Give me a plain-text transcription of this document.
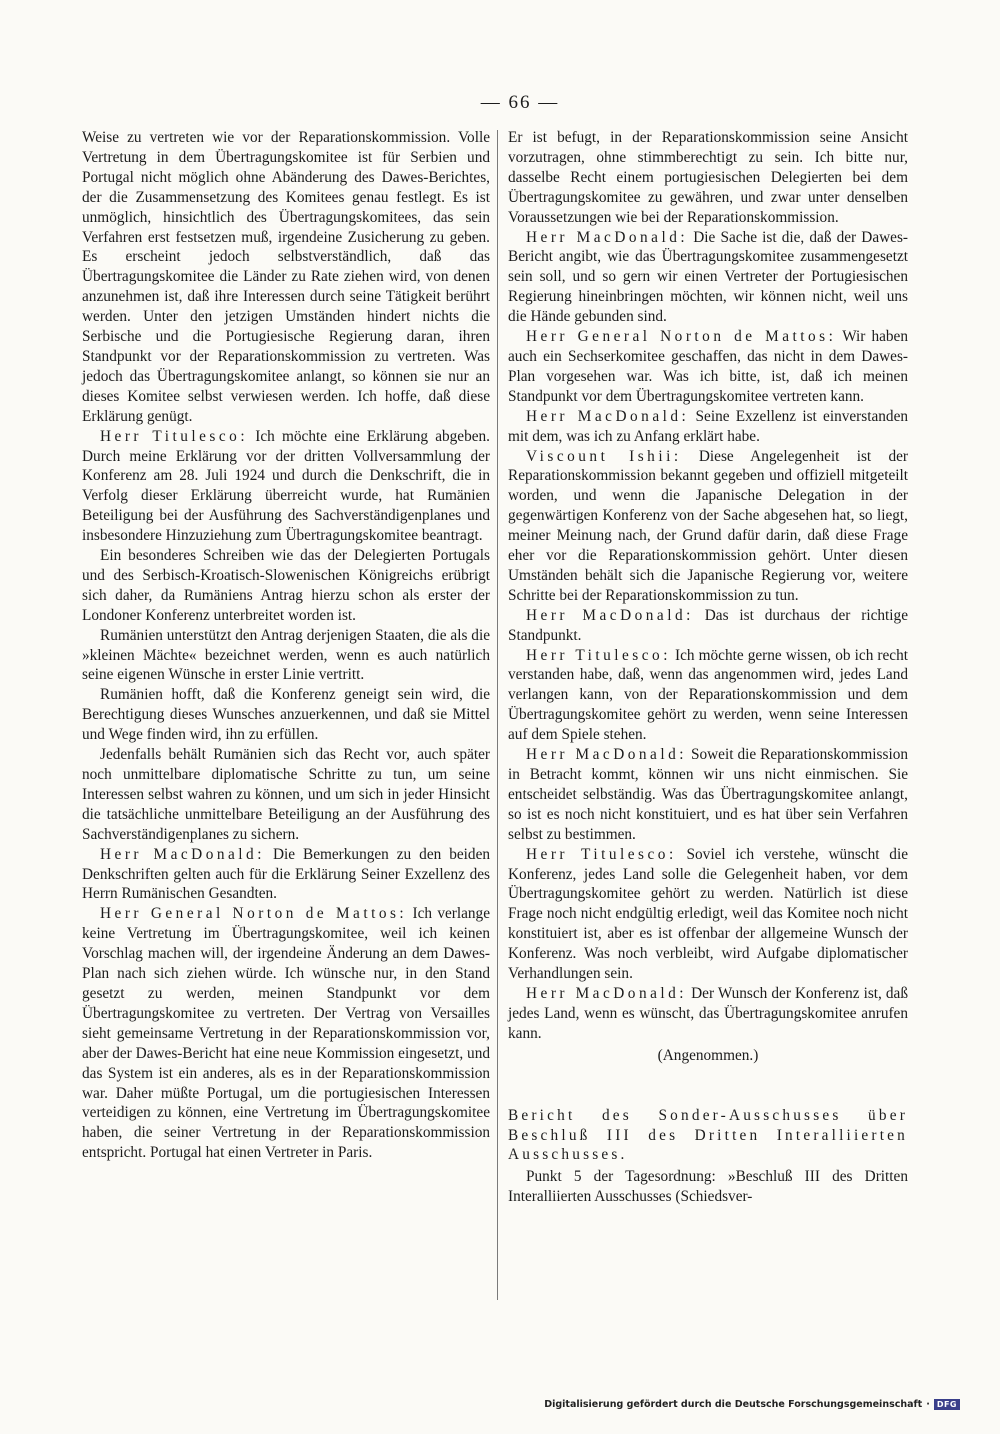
— 66 —

Weise zu vertreten wie vor der Reparationskommission. Volle Vertretung in dem Übertragungskomitee ist für Serbien und Portugal nicht möglich ohne Abänderung des Dawes-Berichtes, der die Zusammensetzung des Komitees genau festlegt. Es ist unmöglich, hinsichtlich des Übertragungskomitees, das sein Verfahren erst festsetzen muß, irgendeine Zusicherung zu geben. Es erscheint jedoch selbstverständlich, daß das Übertragungskomitee die Länder zu Rate ziehen wird, von denen anzunehmen ist, daß ihre Interessen durch seine Tätigkeit berührt werden. Unter den jetzigen Umständen hindert nichts die Serbische und die Portugiesische Regierung daran, ihren Standpunkt vor der Reparationskommission zu vertreten. Was jedoch das Übertragungskomitee anlangt, so können sie nur an dieses Komitee selbst verwiesen werden. Ich hoffe, daß diese Erklärung genügt.

Herr Titulesco: Ich möchte eine Erklärung abgeben. Durch meine Erklärung vor der dritten Vollversammlung der Konferenz am 28. Juli 1924 und durch die Denkschrift, die in Verfolg dieser Erklärung überreicht wurde, hat Rumänien Beteiligung bei der Ausführung des Sachverständigenplanes und insbesondere Hinzuziehung zum Übertragungskomitee beantragt.

Ein besonderes Schreiben wie das der Delegierten Portugals und des Serbisch-Kroatisch-Slowenischen Königreichs erübrigt sich daher, da Rumäniens Antrag hierzu schon als erster der Londoner Konferenz unterbreitet worden ist.

Rumänien unterstützt den Antrag derjenigen Staaten, die als die »kleinen Mächte« bezeichnet werden, wenn es auch natürlich seine eigenen Wünsche in erster Linie vertritt.

Rumänien hofft, daß die Konferenz geneigt sein wird, die Berechtigung dieses Wunsches anzuerkennen, und daß sie Mittel und Wege finden wird, ihn zu erfüllen.

Jedenfalls behält Rumänien sich das Recht vor, auch später noch unmittelbare diplomatische Schritte zu tun, um seine Interessen selbst wahren zu können, und um sich in jeder Hinsicht die tatsächliche unmittelbare Beteiligung an der Ausführung des Sachverständigenplanes zu sichern.

Herr MacDonald: Die Bemerkungen zu den beiden Denkschriften gelten auch für die Erklärung Seiner Exzellenz des Herrn Rumänischen Gesandten.

Herr General Norton de Mattos: Ich verlange keine Vertretung im Übertragungskomitee, weil ich keinen Vorschlag machen will, der irgendeine Änderung an dem Dawes-Plan nach sich ziehen würde. Ich wünsche nur, in den Stand gesetzt zu werden, meinen Standpunkt vor dem Übertragungskomitee zu vertreten. Der Vertrag von Versailles sieht gemeinsame Vertretung in der Reparationskommission vor, aber der Dawes-Bericht hat eine neue Kommission eingesetzt, und das System ist ein anderes, als es in der Reparationskommission war. Daher müßte Portugal, um die portugiesischen Interessen verteidigen zu können, eine Vertretung im Übertragungskomitee haben, die seiner Vertretung in der Reparationskommission entspricht. Portugal hat einen Vertreter in Paris.

Er ist befugt, in der Reparationskommission seine Ansicht vorzutragen, ohne stimmberechtigt zu sein. Ich bitte nur, dasselbe Recht einem portugiesischen Delegierten bei dem Übertragungskomitee zu gewähren, und zwar unter denselben Voraussetzungen wie bei der Reparationskommission.

Herr MacDonald: Die Sache ist die, daß der Dawes-Bericht angibt, wie das Übertragungskomitee zusammengesetzt sein soll, und so gern wir einen Vertreter der Portugiesischen Regierung hineinbringen möchten, wir können nicht, weil uns die Hände gebunden sind.

Herr General Norton de Mattos: Wir haben auch ein Sechserkomitee geschaffen, das nicht in dem Dawes-Plan vorgesehen war. Was ich bitte, ist, daß ich meinen Standpunkt vor dem Übertragungskomitee vertreten kann.

Herr MacDonald: Seine Exzellenz ist einverstanden mit dem, was ich zu Anfang erklärt habe.

Viscount Ishii: Diese Angelegenheit ist der Reparationskommission bekannt gegeben und offiziell mitgeteilt worden, und wenn die Japanische Delegation in der gegenwärtigen Konferenz von der Sache abgesehen hat, so liegt, meiner Meinung nach, der Grund dafür darin, daß diese Frage eher vor die Reparationskommission gehört. Unter diesen Umständen behält sich die Japanische Regierung vor, weitere Schritte bei der Reparationskommission zu tun.

Herr MacDonald: Das ist durchaus der richtige Standpunkt.

Herr Titulesco: Ich möchte gerne wissen, ob ich recht verstanden habe, daß, wenn das angenommen wird, jedes Land verlangen kann, von der Reparationskommission und dem Übertragungskomitee gehört zu werden, wenn seine Interessen auf dem Spiele stehen.

Herr MacDonald: Soweit die Reparationskommission in Betracht kommt, können wir uns nicht einmischen. Sie entscheidet selbständig. Was das Übertragungskomitee anlangt, so ist es noch nicht konstituiert, und es hat über sein Verfahren selbst zu bestimmen.

Herr Titulesco: Soviel ich verstehe, wünscht die Konferenz, jedes Land solle die Gelegenheit haben, vor dem Übertragungskomitee gehört zu werden. Natürlich ist diese Frage noch nicht endgültig erledigt, weil das Komitee noch nicht konstituiert ist, aber es ist offenbar der allgemeine Wunsch der Konferenz. Was noch verbleibt, wird Aufgabe diplomatischer Verhandlungen sein.

Herr MacDonald: Der Wunsch der Konferenz ist, daß jedes Land, wenn es wünscht, das Übertragungskomitee anrufen kann.

(Angenommen.)

Bericht des Sonder-Ausschusses über Beschluß III des Dritten Interalliierten Ausschusses.

Punkt 5 der Tagesordnung: »Beschluß III des Dritten Interalliierten Ausschusses (Schiedsver-

Digitalisierung gefördert durch die Deutsche Forschungsgemeinschaft · DFG
